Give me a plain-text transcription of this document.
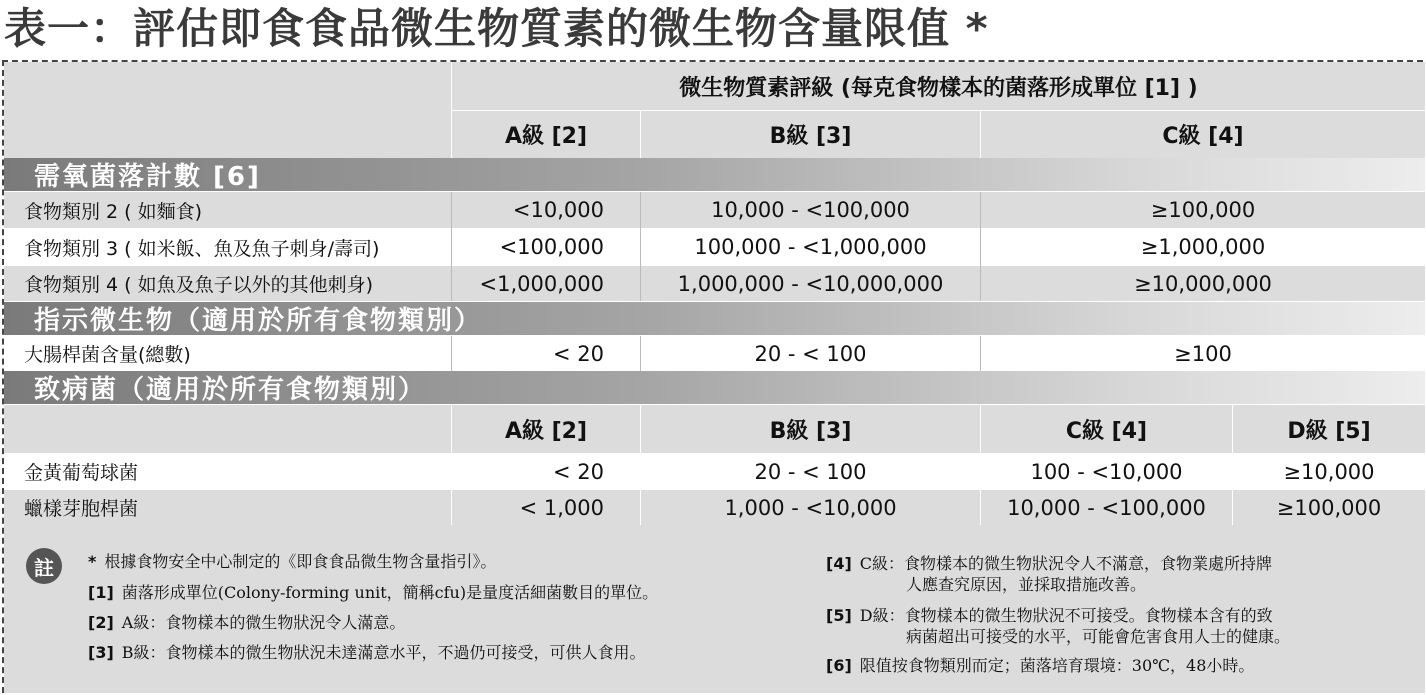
表一：評估即食食品微生物質素的微生物含量限值 *
微生物質素評級 (每克食物樣本的菌落形成單位 [1] )
A級 [2]	B級 [3]	C級 [4]
需氧菌落計數 [6]
食物類別 2 ( 如麵食)	<10,000	10,000 - <100,000	≥100,000
食物類別 3 ( 如米飯、魚及魚子刺身/壽司)	<100,000	100,000 - <1,000,000	≥1,000,000
食物類別 4 ( 如魚及魚子以外的其他刺身)	<1,000,000	1,000,000 - <10,000,000	≥10,000,000
指示微生物（適用於所有食物類別）
大腸桿菌含量(總數)	< 20	20 - < 100	≥100
致病菌（適用於所有食物類別）
A級 [2]	B級 [3]	C級 [4]	D級 [5]
金黃葡萄球菌	< 20	20 - < 100	100 - <10,000	≥10,000
蠟樣芽胞桿菌	< 1,000	1,000 - <10,000	10,000 - <100,000	≥100,000
註	* 根據食物安全中心制定的《即食食品微生物含量指引》。
[1] 菌落形成單位(Colony-forming unit，簡稱cfu)是量度活細菌數目的單位。
[2] A級：食物樣本的微生物狀況令人滿意。
[3] B級：食物樣本的微生物狀況未達滿意水平，不過仍可接受，可供人食用。
[4] C級：食物樣本的微生物狀況令人不滿意，食物業處所持牌
人應查究原因，並採取措施改善。
[5] D級：食物樣本的微生物狀況不可接受。食物樣本含有的致
病菌超出可接受的水平，可能會危害食用人士的健康。
[6] 限值按食物類別而定；菌落培育環境：30℃，48小時。
